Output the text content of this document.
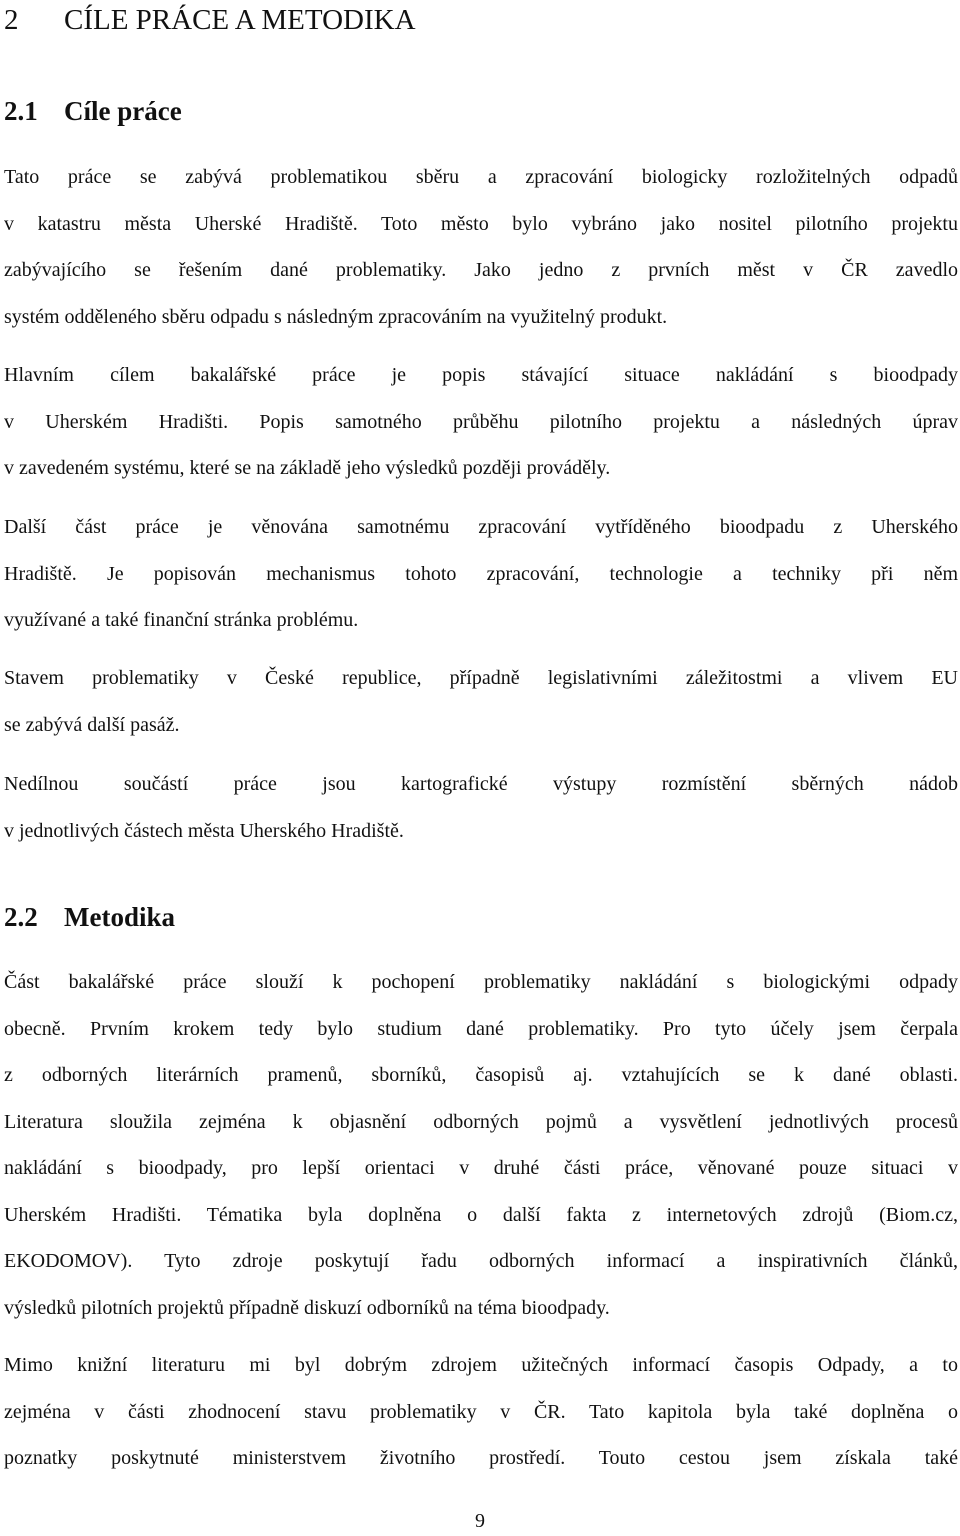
2 CÍLE PRÁCE A METODIKA
2.1 Cíle práce
Tato práce se zabývá problematikou sběru a zpracování biologicky rozložitelných odpadů
v katastru města Uherské Hradiště. Toto město bylo vybráno jako nositel pilotního projektu
zabývajícího se řešením dané problematiky. Jako jedno z prvních měst v ČR zavedlo
systém odděleného sběru odpadu s následným zpracováním na využitelný produkt.
Hlavním cílem bakalářské práce je popis stávající situace nakládání s bioodpady
v Uherském Hradišti. Popis samotného průběhu pilotního projektu a následných úprav
v zavedeném systému, které se na základě jeho výsledků později prováděly.
Další část práce je věnována samotnému zpracování vytříděného bioodpadu z Uherského
Hradiště. Je popisován mechanismus tohoto zpracování, technologie a techniky při něm
využívané a také finanční stránka problému.
Stavem problematiky v České republice, případně legislativními záležitostmi a vlivem EU
se zabývá další pasáž.
Nedílnou součástí práce jsou kartografické výstupy rozmístění sběrných nádob
v jednotlivých částech města Uherského Hradiště.
2.2 Metodika
Část bakalářské práce slouží k pochopení problematiky nakládání s biologickými odpady
obecně. Prvním krokem tedy bylo studium dané problematiky. Pro tyto účely jsem čerpala
z odborných literárních pramenů, sborníků, časopisů aj. vztahujících se k dané oblasti.
Literatura sloužila zejména k objasnění odborných pojmů a vysvětlení jednotlivých procesů
nakládání s bioodpady, pro lepší orientaci v druhé části práce, věnované pouze situaci v
Uherském Hradišti. Tématika byla doplněna o další fakta z internetových zdrojů (Biom.cz,
EKODOMOV). Tyto zdroje poskytují řadu odborných informací a inspirativních článků,
výsledků pilotních projektů případně diskuzí odborníků na téma bioodpady.
Mimo knižní literaturu mi byl dobrým zdrojem užitečných informací časopis Odpady, a to
zejména v části zhodnocení stavu problematiky v ČR. Tato kapitola byla také doplněna o
poznatky poskytnuté ministerstvem životního prostředí. Touto cestou jsem získala také
9
